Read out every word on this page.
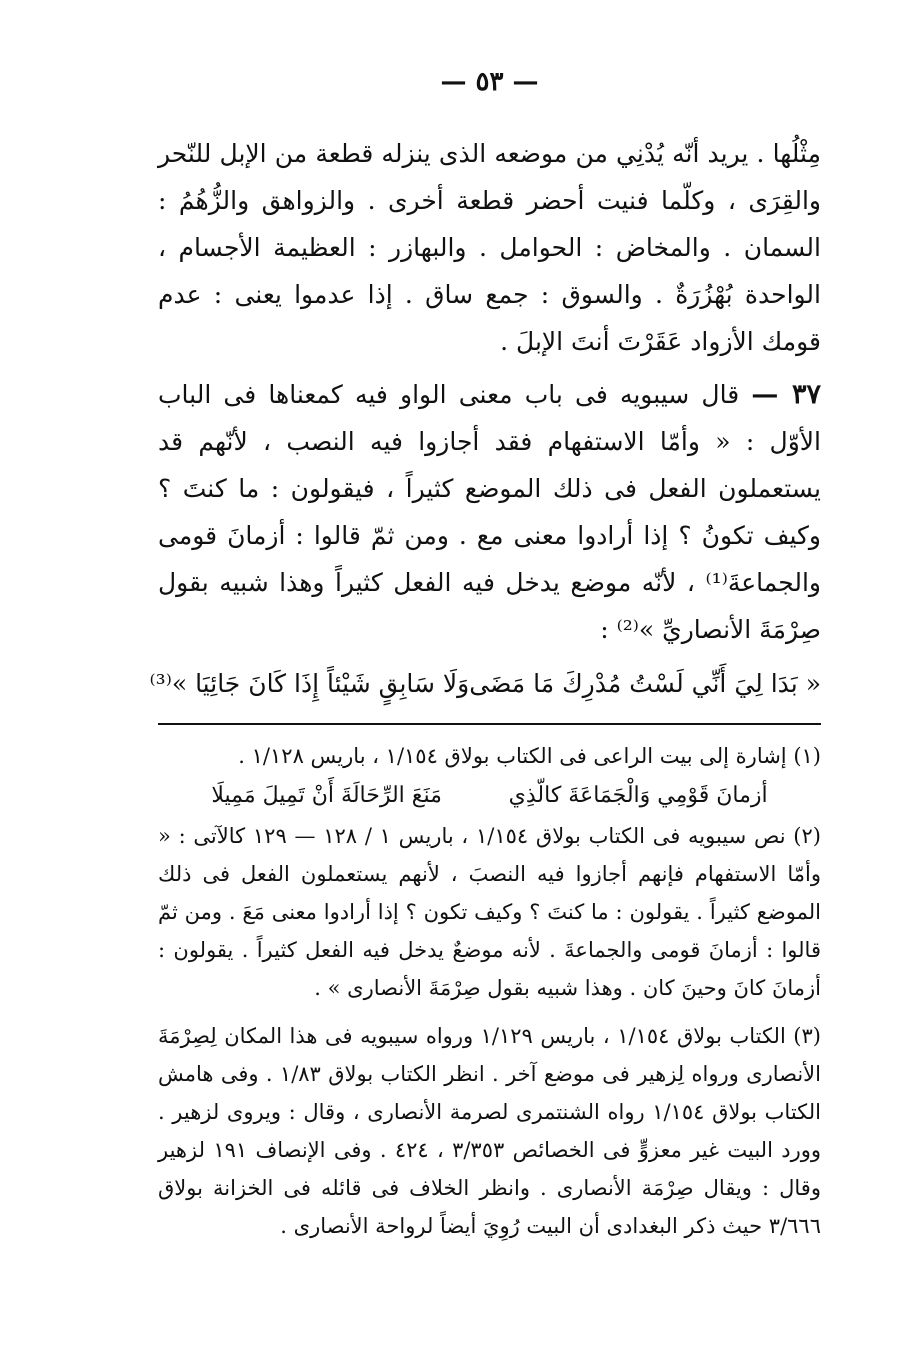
— ٥٣ —

مِثْلُها . يريد أنّه يُدْنِي من موضعه الذى ينزله قطعة من الإبل للنّحر والقِرَى ، وكلّما فنيت أحضر قطعة أخرى . والزواهق والزُّهُمُ : السمان . والمخاض : الحوامل . والبهازر : العظيمة الأجسام ، الواحدة بُهْزُرَةٌ . والسوق : جمع ساق . إذا عدموا يعنى : عدم قومك الأزواد عَقَرْتَ أنتَ الإبلَ .

٣٧ — قال سيبويه فى باب معنى الواو فيه كمعناها فى الباب الأوّل : « وأمّا الاستفهام فقد أجازوا فيه النصب ، لأنّهم قد يستعملون الفعل فى ذلك الموضع كثيراً ، فيقولون : ما كنتَ ؟ وكيف تكونُ ؟ إذا أرادوا معنى مع . ومن ثمّ قالوا : أزمانَ قومى والجماعةَ⁽¹⁾ ، لأنّه موضع يدخل فيه الفعل كثيراً وهذا شبيه بقول صِرْمَةَ الأنصاريِّ »⁽²⁾ :

« بَدَا لِيَ أَنِّي لَسْتُ مُدْرِكَ مَا مَضَى
وَلَا سَابِقٍ شَيْئاً إِذَا كَانَ جَائِيَا »⁽³⁾

(١) إشارة إلى بيت الراعى فى الكتاب بولاق ١/١٥٤ ، باريس ١/١٢٨ .

أزمانَ قَوْمِي وَالْجَمَاعَةَ كالّذِي
مَنَعَ الرِّحَالَةَ أَنْ تَمِيلَ مَمِيلَا

(٢) نص سيبويه فى الكتاب بولاق ١/١٥٤ ، باريس ١ / ١٢٨ — ١٢٩ كالآتى : « وأمّا الاستفهام فإنهم أجازوا فيه النصبَ ، لأنهم يستعملون الفعل فى ذلك الموضع كثيراً . يقولون : ما كنتَ ؟ وكيف تكون ؟ إذا أرادوا معنى مَعَ . ومن ثمّ قالوا : أزمانَ قومى والجماعةَ . لأنه موضعٌ يدخل فيه الفعل كثيراً . يقولون : أزمانَ كانَ وحينَ كان . وهذا شبيه بقول صِرْمَةَ الأنصارى » .

(٣) الكتاب بولاق ١/١٥٤ ، باريس ١/١٢٩ ورواه سيبويه فى هذا المكان لِصِرْمَةَ الأنصارى ورواه لِزهير فى موضع آخر . انظر الكتاب بولاق ١/٨٣ . وفى هامش الكتاب بولاق ١/١٥٤ رواه الشنتمرى لصرمة الأنصارى ، وقال : ويروى لزهير . وورد البيت غير معزوٍّ فى الخصائص ٣/٣٥٣ ، ٤٢٤ . وفى الإنصاف ١٩١ لزهير وقال : ويقال صِرْمَة الأنصارى . وانظر الخلاف فى قائله فى الخزانة بولاق ٣/٦٦٦ حيث ذكر البغدادى أن البيت رُوِيَ أيضاً لرواحة الأنصارى .
